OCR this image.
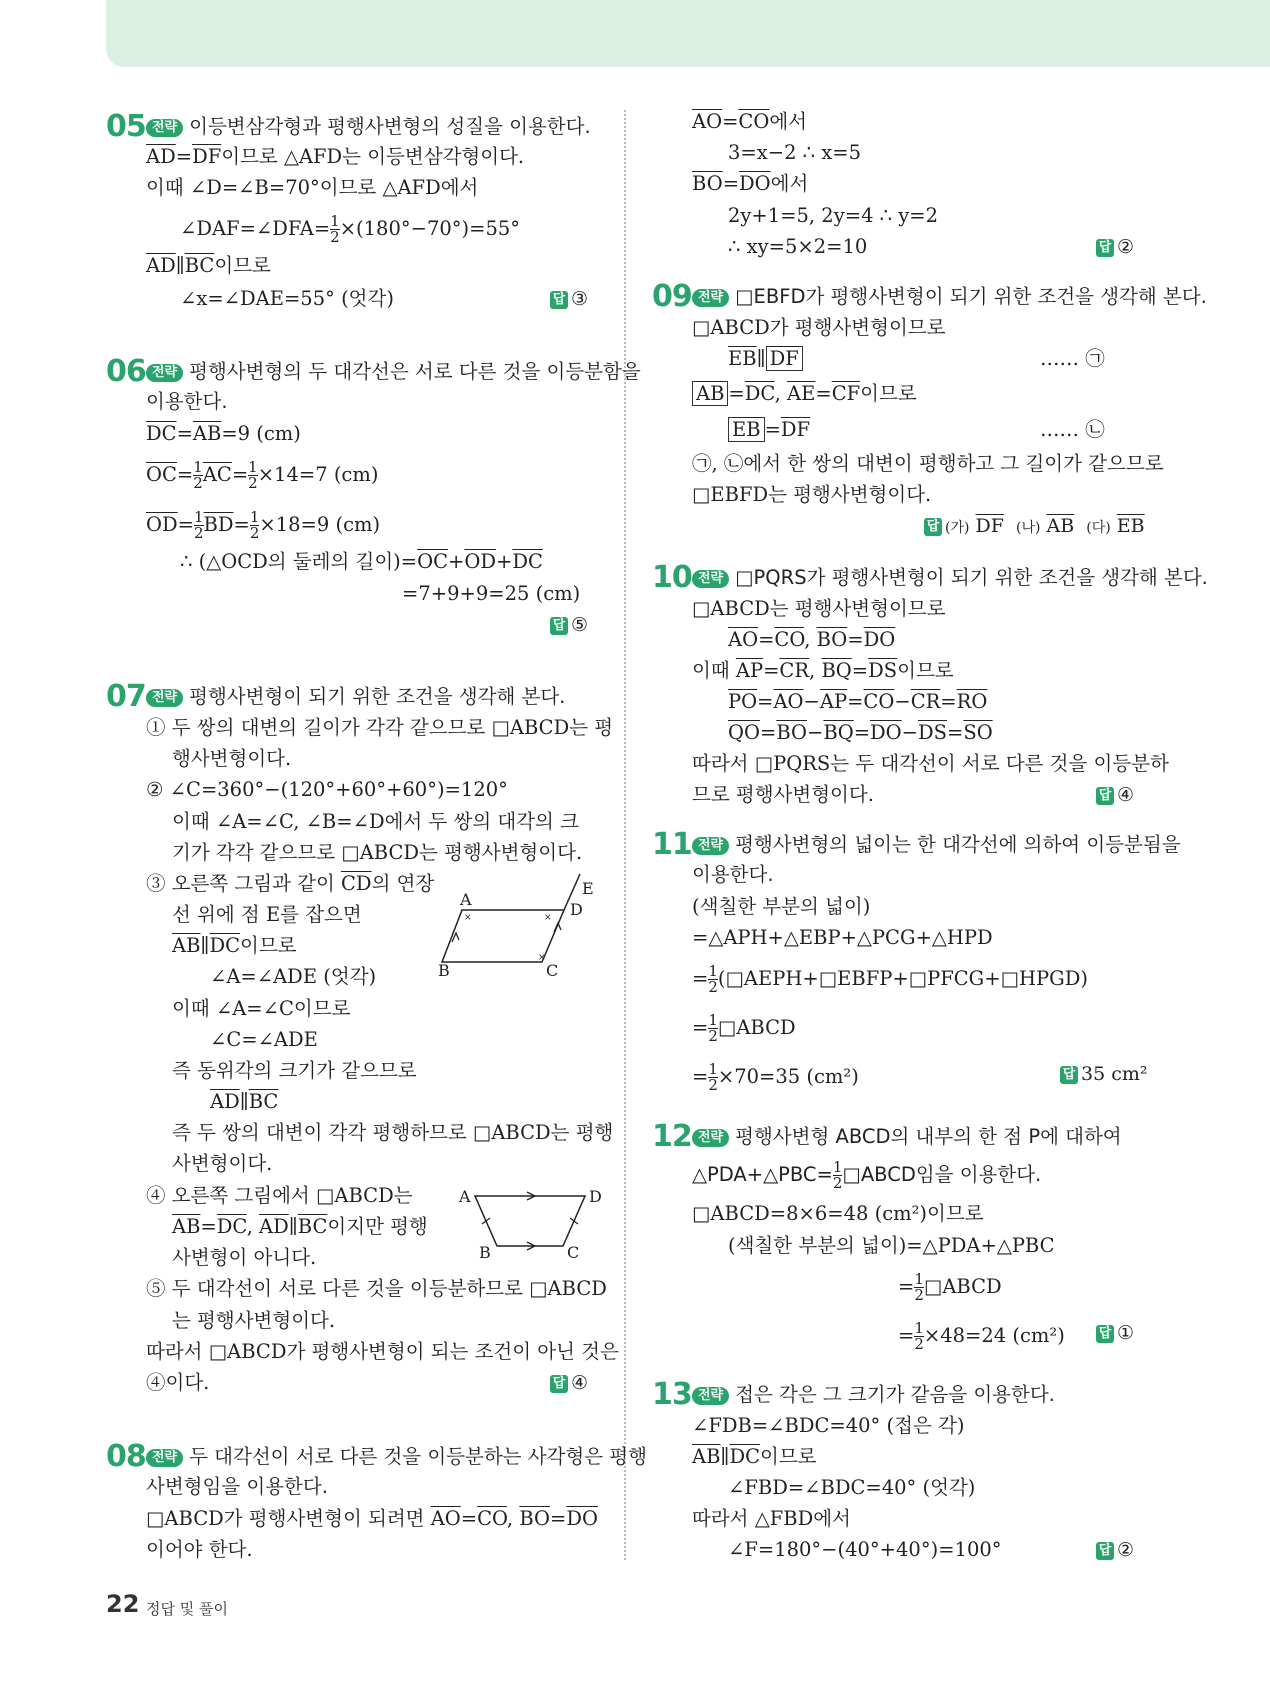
05 전략 이등변삼각형과 평행사변형의 성질을 이용한다.
$\overline{AD}=\overline{DF}$이므로 △AFD는 이등변삼각형이다.
이때 ∠D=∠B=70°이므로 △AFD에서
∠DAF=∠DFA= $\frac{1}{2} \times(180^\circ-70^\circ)=55^\circ$
$\overline{AD}\parallel\overline{BC}$이므로
∠x=∠DAE=55° (엇각)	답 ③
06 전략 평행사변형의 두 대각선은 서로 다른 것을 이등분함을
이용한다.
$\overline{DC}=\overline{AB}=9$ (cm)
$\overline{OC}= \frac{1}{2} \overline{AC}= \frac{1}{2} \times 14=7$ (cm)
$\overline{OD}= \frac{1}{2} \overline{BD}= \frac{1}{2} \times 18=9$ (cm)
∴ (△OCD의 둘레의 길이)$=\overline{OC}+\overline{OD}+\overline{DC}$
=7+9+9=25 (cm)
답 ⑤
07 전략 평행사변형이 되기 위한 조건을 생각해 본다.
① 두 쌍의 대변의 길이가 각각 같으므로 □ABCD는 평
행사변형이다.
② ∠C=360°−(120°+60°+60°)=120°
이때 ∠A=∠C, ∠B=∠D에서 두 쌍의 대각의 크
기가 각각 같으므로 □ABCD는 평행사변형이다.
③ 오른쪽 그림과 같이 $\overline{CD}$의 연장
선 위에 점 E를 잡으면
$\overline{AB}\parallel\overline{DC}$이므로
∠A=∠ADE (엇각)
이때 ∠A=∠C이므로
∠C=∠ADE
즉 동위각의 크기가 같으므로
$\overline{AD}\parallel\overline{BC}$
즉 두 쌍의 대변이 각각 평행하므로 □ABCD는 평행
사변형이다.
④ 오른쪽 그림에서 □ABCD는
$\overline{AB}=\overline{DC}$, $\overline{AD}\parallel\overline{BC}$이지만 평행
사변형이 아니다.
⑤ 두 대각선이 서로 다른 것을 이등분하므로 □ABCD
는 평행사변형이다.
따라서 □ABCD가 평행사변형이 되는 조건이 아닌 것은
④이다.	답 ④
×	×
×
A
B	C
D
E
A
B	C
D
08 전략 두 대각선이 서로 다른 것을 이등분하는 사각형은 평행
사변형임을 이용한다.
□ABCD가 평행사변형이 되려면 $\overline{AO}=\overline{CO}$, $\overline{BO}=\overline{DO}$
이어야 한다.
$\overline{AO}=\overline{CO}$에서
3=x−2 ∴ x=5
$\overline{BO}=\overline{DO}$에서
2y+1=5, 2y=4 ∴ y=2
∴ xy=5×2=10	답 ②
09 전략 □EBFD가 평행사변형이 되기 위한 조건을 생각해 본다.
□ABCD가 평행사변형이므로
$\overline{EB}\parallel$ $\overline{DF}$	…… ㉠
$\overline{AB} =\overline{DC}$, $\overline{AE}=\overline{CF}$이므로
$\overline{EB} =\overline{DF}$	…… ㉡
㉠, ㉡에서 한 쌍의 대변이 평행하고 그 길이가 같으므로
□EBFD는 평행사변형이다.
답 (가) $\overline{DF}$ (나) $\overline{AB}$ (다) $\overline{EB}$
10 전략 □PQRS가 평행사변형이 되기 위한 조건을 생각해 본다.
□ABCD는 평행사변형이므로
$\overline{AO}=\overline{CO}$, $\overline{BO}=\overline{DO}$
이때 $\overline{AP}=\overline{CR}$, $\overline{BQ}=\overline{DS}$이므로
$\overline{PO}=\overline{AO}-\overline{AP}=\overline{CO}-\overline{CR}=\overline{RO}$
$\overline{QO}=\overline{BO}-\overline{BQ}=\overline{DO}-\overline{DS}=\overline{SO}$
따라서 □PQRS는 두 대각선이 서로 다른 것을 이등분하
므로 평행사변형이다.	답 ④
11 전략 평행사변형의 넓이는 한 대각선에 의하여 이등분됨을
이용한다.
(색칠한 부분의 넓이)
=△APH+△EBP+△PCG+△HPD
= $\frac{1}{2}$ (□AEPH+□EBFP+□PFCG+□HPGD)
= $\frac{1}{2}$ □ABCD
= $\frac{1}{2} \times 70=35$ (cm²)	답 35 cm²
12 전략 평행사변형 ABCD의 내부의 한 점 P에 대하여
△PDA+△PBC= $\frac{1}{2}$ □ABCD임을 이용한다.
□ABCD=8×6=48 (cm²)이므로
(색칠한 부분의 넓이)=△PDA+△PBC
= $\frac{1}{2}$ □ABCD
= $\frac{1}{2} \times 48=24$ (cm²)	답 ①
13 전략 접은 각은 그 크기가 같음을 이용한다.
∠FDB=∠BDC=40° (접은 각)
$\overline{AB}\parallel\overline{DC}$이므로
∠FBD=∠BDC=40° (엇각)
따라서 △FBD에서
∠F=180°−(40°+40°)=100°	답 ②
22 정답 및 풀이
